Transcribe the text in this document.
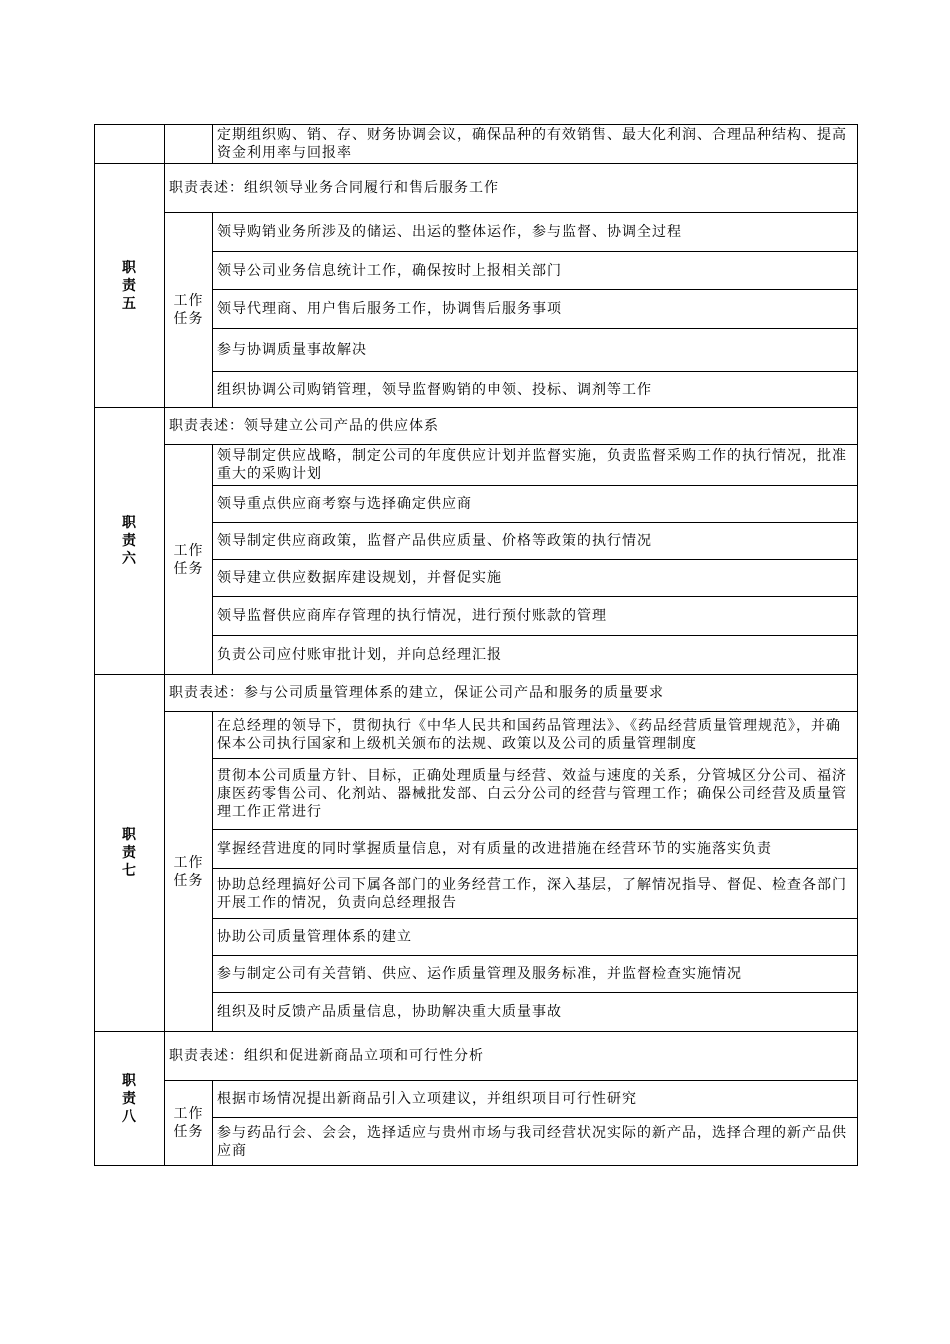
		定期组织购、销、存、财务协调会议，确保品种的有效销售、最大化利润、合理品种结构、提高资金利用率与回报率

职
责
五	职责表述：组织领导业务合同履行和售后服务工作	

	工作
任务	领导购销业务所涉及的储运、出运的整体运作，参与监督、协调全过程
		领导公司业务信息统计工作，确保按时上报相关部门
		领导代理商、用户售后服务工作，协调售后服务事项
		参与协调质量事故解决
		组织协调公司购销管理，领导监督购销的申领、投标、调剂等工作

职
责
六	职责表述：领导建立公司产品的供应体系	

	工作
任务	领导制定供应战略，制定公司的年度供应计划并监督实施，负责监督采购工作的执行情况，批准重大的采购计划
		领导重点供应商考察与选择确定供应商
		领导制定供应商政策，监督产品供应质量、价格等政策的执行情况
		领导建立供应数据库建设规划，并督促实施
		领导监督供应商库存管理的执行情况，进行预付账款的管理
		负责公司应付账审批计划，并向总经理汇报

职
责
七	职责表述：参与公司质量管理体系的建立，保证公司产品和服务的质量要求	

	工作
任务	在总经理的领导下，贯彻执行《中华人民共和国药品管理法》、《药品经营质量管理规范》，并确保本公司执行国家和上级机关颁布的法规、政策以及公司的质量管理制度
		贯彻本公司质量方针、目标，正确处理质量与经营、效益与速度的关系，分管城区分公司、福济康医药零售公司、化剂站、器械批发部、白云分公司的经营与管理工作；确保公司经营及质量管理工作正常进行
		掌握经营进度的同时掌握质量信息，对有质量的改进措施在经营环节的实施落实负责
		协助总经理搞好公司下属各部门的业务经营工作，深入基层，了解情况指导、督促、检查各部门开展工作的情况，负责向总经理报告
		协助公司质量管理体系的建立
		参与制定公司有关营销、供应、运作质量管理及服务标准，并监督检查实施情况
		组织及时反馈产品质量信息，协助解决重大质量事故

职
责
八	职责表述：组织和促进新商品立项和可行性分析	

	工作
任务	根据市场情况提出新商品引入立项建议，并组织项目可行性研究
		参与药品行会、会会，选择适应与贵州市场与我司经营状况实际的新产品，选择合理的新产品供应商
